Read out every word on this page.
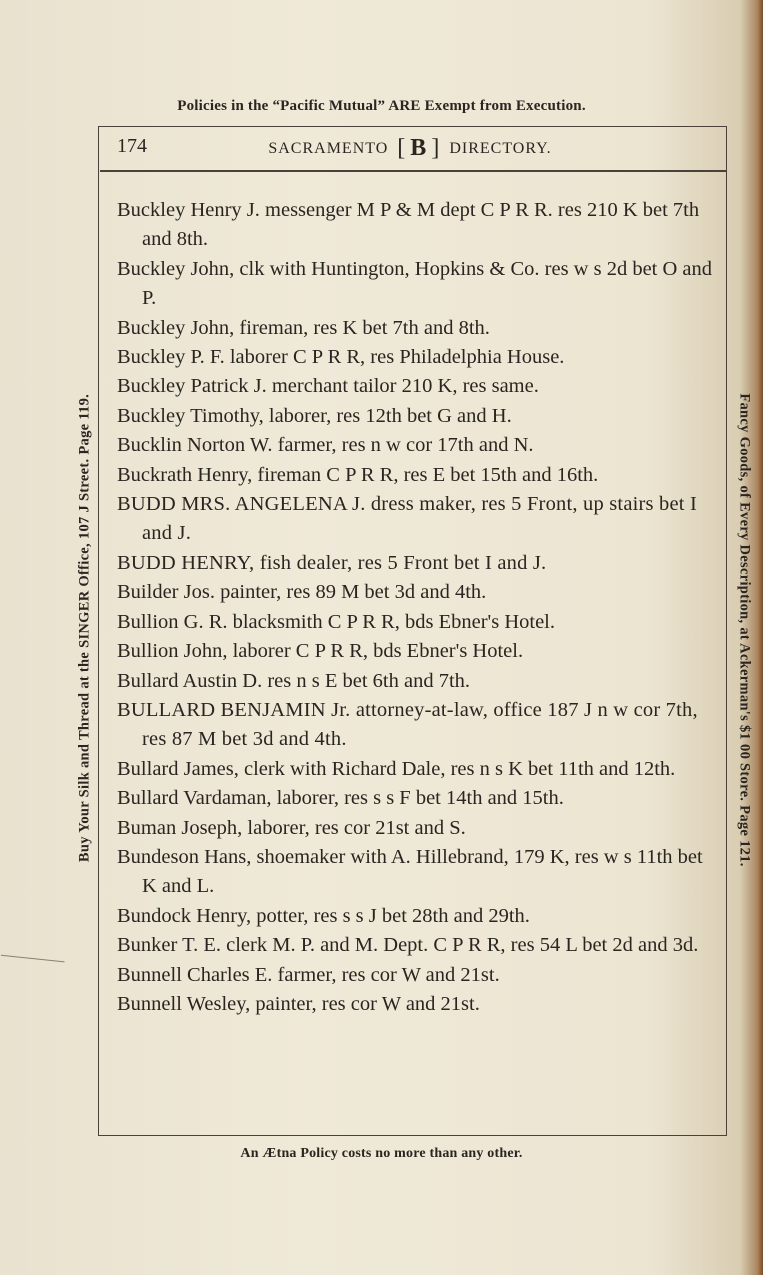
Policies in the “Pacific Mutual” ARE Exempt from Execution.
174	SACRAMENTO [ B ] DIRECTORY.
Buy Your Silk and Thread at the SINGER Office, 107 J Street. Page 119.	Fancy Goods, of Every Description, at Ackerman's $1 00 Store. Page 121.
Buckley Henry J. messenger M P & M dept C P R R. res 210 K bet 7th and 8th.
Buckley John, clk with Huntington, Hopkins & Co. res w s 2d bet O and P.
Buckley John, fireman, res K bet 7th and 8th.
Buckley P. F. laborer C P R R, res Philadelphia House.
Buckley Patrick J. merchant tailor 210 K, res same.
Buckley Timothy, laborer, res 12th bet G and H.
Bucklin Norton W. farmer, res n w cor 17th and N.
Buckrath Henry, fireman C P R R, res E bet 15th and 16th.
BUDD MRS. ANGELENA J. dress maker, res 5 Front, up stairs bet I and J.
BUDD HENRY, fish dealer, res 5 Front bet I and J.
Builder Jos. painter, res 89 M bet 3d and 4th.
Bullion G. R. blacksmith C P R R, bds Ebner's Hotel.
Bullion John, laborer C P R R, bds Ebner's Hotel.
Bullard Austin D. res n s E bet 6th and 7th.
BULLARD BENJAMIN Jr. attorney-at-law, office 187 J n w cor 7th, res 87 M bet 3d and 4th.
Bullard James, clerk with Richard Dale, res n s K bet 11th and 12th.
Bullard Vardaman, laborer, res s s F bet 14th and 15th.
Buman Joseph, laborer, res cor 21st and S.
Bundeson Hans, shoemaker with A. Hillebrand, 179 K, res w s 11th bet K and L.
Bundock Henry, potter, res s s J bet 28th and 29th.
Bunker T. E. clerk M. P. and M. Dept. C P R R, res 54 L bet 2d and 3d.
Bunnell Charles E. farmer, res cor W and 21st.
Bunnell Wesley, painter, res cor W and 21st.
An Ætna Policy costs no more than any other.
